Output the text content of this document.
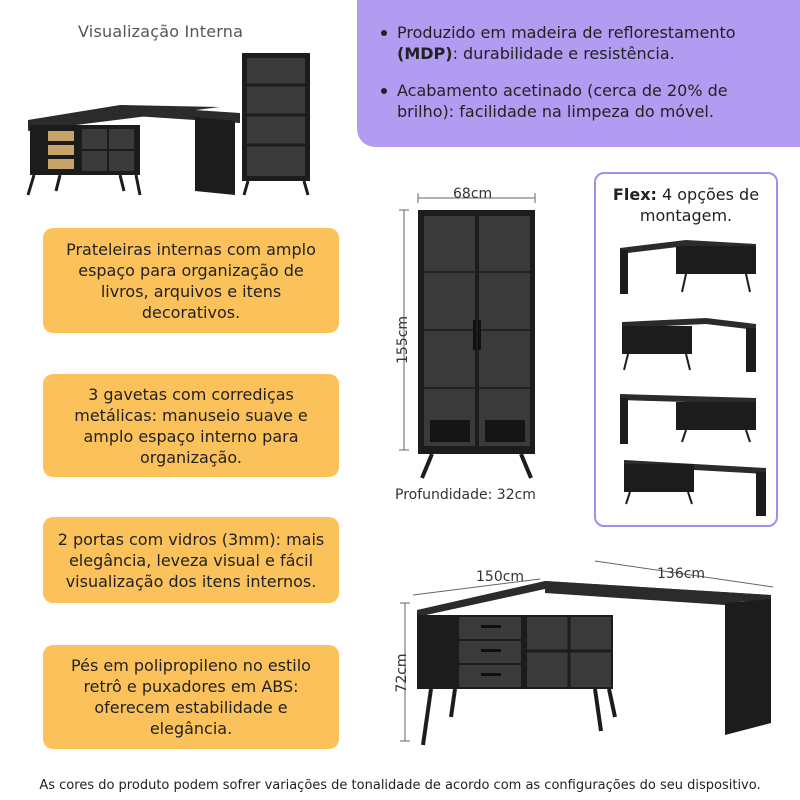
Visualização Interna	Produzido em madeira de reflorestamento (MDP): durabilidade e resistência.
Acabamento acetinado (cerca de 20% de brilho): facilidade na limpeza do móvel.
Prateleiras internas com amplo espaço para organização de livros, arquivos e itens decorativos.
3 gavetas com corrediças metálicas: manuseio suave e amplo espaço interno para organização.
2 portas com vidros (3mm): mais elegância, leveza visual e fácil visualização dos itens internos.
Pés em polipropileno no estilo retrô e puxadores em ABS: oferecem estabilidade e elegância.
68cm
155cm
Profundidade: 32cm
Flex: 4 opções de montagem.
150cm	136cm
72cm
As cores do produto podem sofrer variações de tonalidade de acordo com as configurações do seu dispositivo.
